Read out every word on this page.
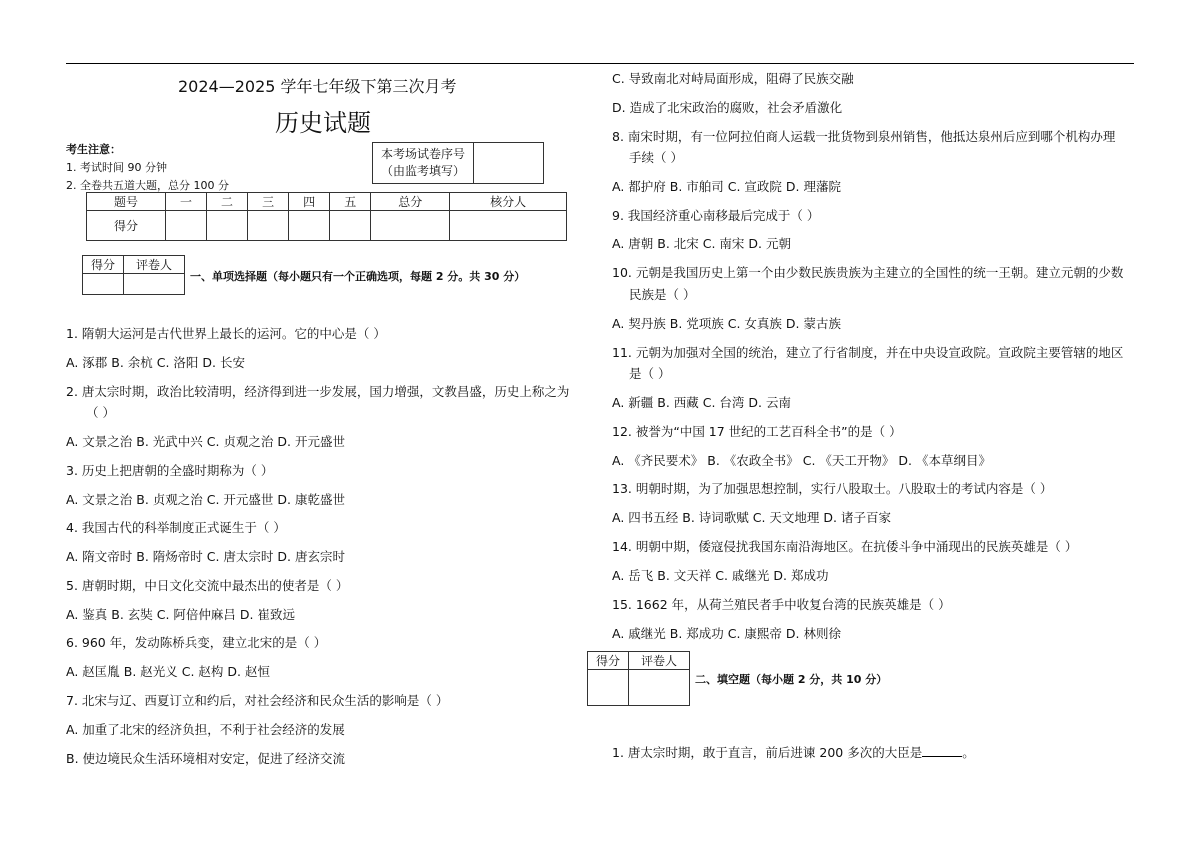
2024—2025 学年七年级下第三次月考
历史试题
考生注意：
1. 考试时间 90 分钟
2. 全卷共五道大题，总分 100 分
本考场试卷序号
（由监考填写）

题号	一	二	三	四	五	总分	核分人
得分							
得分	评卷人

一、单项选择题（每小题只有一个正确选项，每题 2 分。共 30 分）
1. 隋朝大运河是古代世界上最长的运河。它的中心是（ ）
A. 涿郡 B. 余杭 C. 洛阳 D. 长安
2. 唐太宗时期，政治比较清明，经济得到进一步发展，国力增强，文教昌盛，历史上称之为
（ ）
A. 文景之治 B. 光武中兴 C. 贞观之治 D. 开元盛世
3. 历史上把唐朝的全盛时期称为（ ）
A. 文景之治 B. 贞观之治 C. 开元盛世 D. 康乾盛世
4. 我国古代的科举制度正式诞生于（ ）
A. 隋文帝时 B. 隋炀帝时 C. 唐太宗时 D. 唐玄宗时
5. 唐朝时期，中日文化交流中最杰出的使者是（ ）
A. 鉴真 B. 玄奘 C. 阿倍仲麻吕 D. 崔致远
6. 960 年，发动陈桥兵变，建立北宋的是（ ）
A. 赵匡胤 B. 赵光义 C. 赵构 D. 赵恒
7. 北宋与辽、西夏订立和约后，对社会经济和民众生活的影响是（ ）
A. 加重了北宋的经济负担，不利于社会经济的发展
B. 使边境民众生活环境相对安定，促进了经济交流
C. 导致南北对峙局面形成，阻碍了民族交融
D. 造成了北宋政治的腐败，社会矛盾激化
8. 南宋时期，有一位阿拉伯商人运载一批货物到泉州销售，他抵达泉州后应到哪个机构办理
手续（ ）
A. 都护府 B. 市舶司 C. 宣政院 D. 理藩院
9. 我国经济重心南移最后完成于（ ）
A. 唐朝 B. 北宋 C. 南宋 D. 元朝
10. 元朝是我国历史上第一个由少数民族贵族为主建立的全国性的统一王朝。建立元朝的少数
民族是（ ）
A. 契丹族 B. 党项族 C. 女真族 D. 蒙古族
11. 元朝为加强对全国的统治，建立了行省制度，并在中央设宣政院。宣政院主要管辖的地区
是（ ）
A. 新疆 B. 西藏 C. 台湾 D. 云南
12. 被誉为“中国 17 世纪的工艺百科全书”的是（ ）
A. 《齐民要术》 B. 《农政全书》 C. 《天工开物》 D. 《本草纲目》
13. 明朝时期，为了加强思想控制，实行八股取士。八股取士的考试内容是（ ）
A. 四书五经 B. 诗词歌赋 C. 天文地理 D. 诸子百家
14. 明朝中期，倭寇侵扰我国东南沿海地区。在抗倭斗争中涌现出的民族英雄是（ ）
A. 岳飞 B. 文天祥 C. 戚继光 D. 郑成功
15. 1662 年，从荷兰殖民者手中收复台湾的民族英雄是（ ）
A. 戚继光 B. 郑成功 C. 康熙帝 D. 林则徐
得分	评卷人

二、填空题（每小题 2 分，共 10 分）
1. 唐太宗时期，敢于直言，前后进谏 200 多次的大臣是	。
